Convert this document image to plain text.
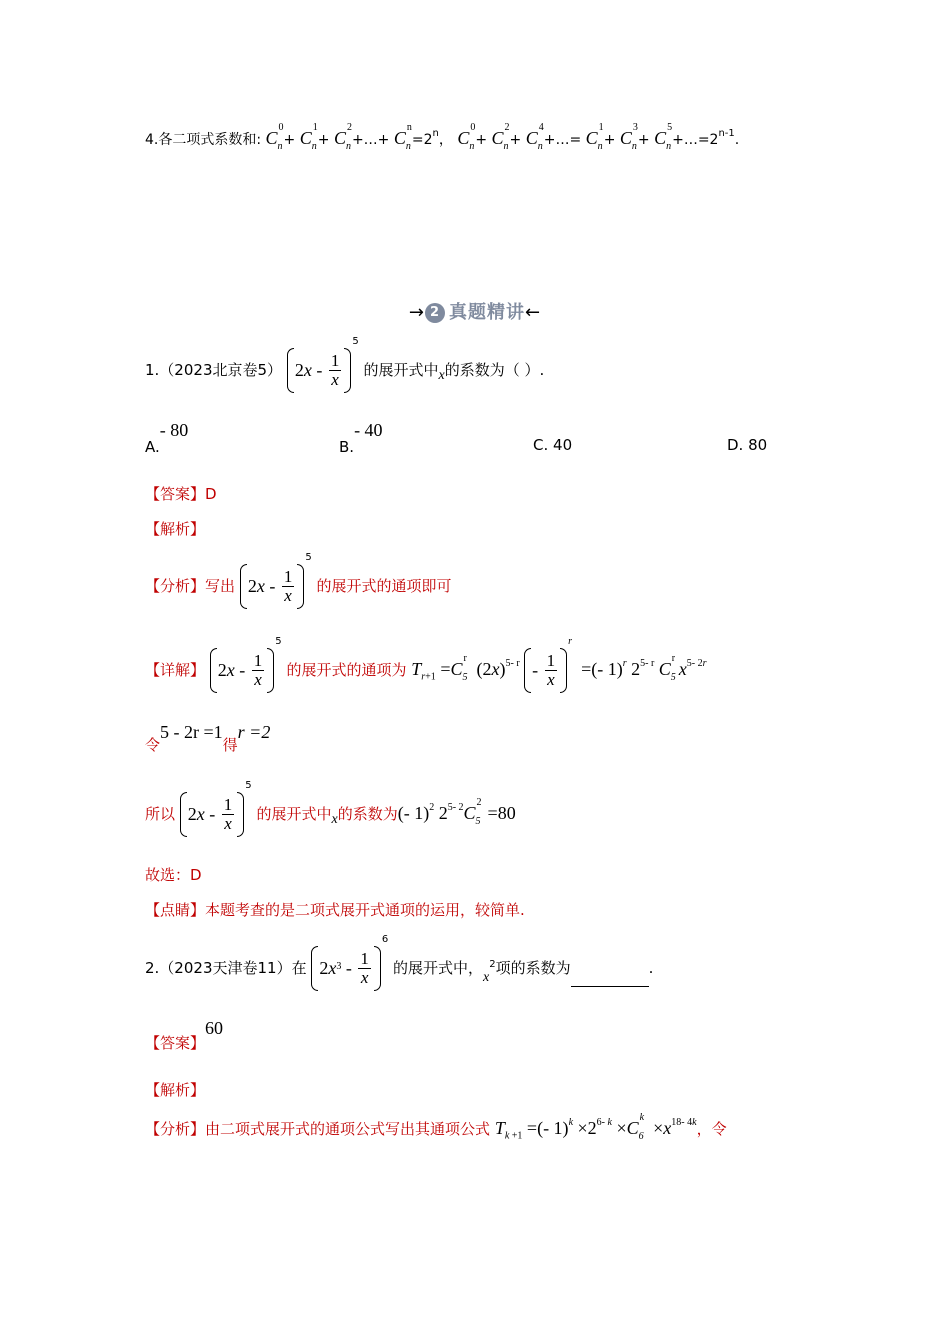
4.各二项式系数和: C
0
n + C
1
n + C
2
n +…+ C
n
$n =2^n$， C
0
n + C
2
n + C
4
n +…= C
1
n + C
3
n + C
5
$n +\dots=2^{n-1}$.
→ 2 真题精讲←
1.（2023北京卷5） 2 x - $\frac{1}{x}$
$^5$ 的展开式中x的系数为（ ）.
A.- 80
B.- 40
C. 40	D. 80
【答案】D
【解析】
【分析】写出 2 x - $\frac{1}{x}$
$^5$ 的展开式的通项即可
【详解】 2 x - $\frac{1}{x}$
$^5$ 的展开式的通项为 $T_{r+1} =C$
r
5 $(2x)^{5- r} - \frac{1}{x}$
$^r$  =(- 1)$^r$ 2$^{5- r}$ C
r
5 $x^{5- 2r}$
令5 - 2r =1得r =2
所以 2 x - $\frac{1}{x}$
$^5$ 的展开式中x的系数为(- 1)$^2$ 2$^{5- 2}$C
2
5 =80
故选：D
【点睛】本题考查的是二项式展开式通项的运用，较简单.
2.（2023天津卷11）在 2 x $3 - \frac{1}{x}$
$^6$ 的展开式中，$x^2$项的系数为	.
【答案】60
【解析】
【分析】由二项式展开式的通项公式写出其通项公式 $T_{k +1}$ =(- $1)^k \times 2^{6- k} \times C$
k
$6 \times x^{18- 4k}$，令
